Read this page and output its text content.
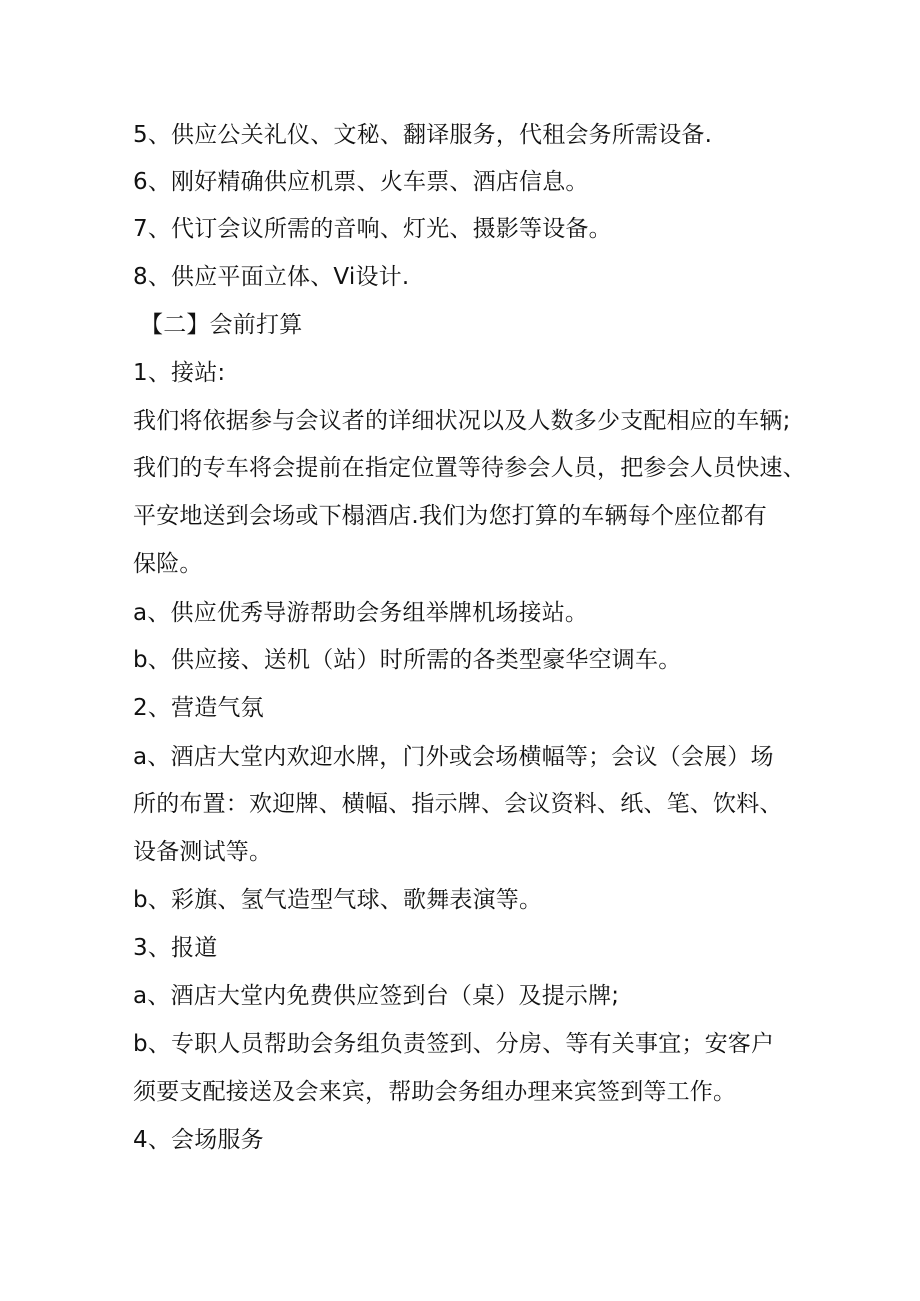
5、供应公关礼仪、文秘、翻译服务，代租会务所需设备.
6、刚好精确供应机票、火车票、酒店信息。
7、代订会议所需的音响、灯光、摄影等设备。
8、供应平面立体、Vi设计.
【二】会前打算
1、接站:
我们将依据参与会议者的详细状况以及人数多少支配相应的车辆;
我们的专车将会提前在指定位置等待参会人员，把参会人员快速、
平安地送到会场或下榻酒店.我们为您打算的车辆每个座位都有
保险。
a、供应优秀导游帮助会务组举牌机场接站。
b、供应接、送机（站）时所需的各类型豪华空调车。
2、营造气氛
a、酒店大堂内欢迎水牌，门外或会场横幅等；会议（会展）场
所的布置：欢迎牌、横幅、指示牌、会议资料、纸、笔、饮料、
设备测试等。
b、彩旗、氢气造型气球、歌舞表演等。
3、报道
a、酒店大堂内免费供应签到台（桌）及提示牌;
b、专职人员帮助会务组负责签到、分房、等有关事宜；安客户
须要支配接送及会来宾，帮助会务组办理来宾签到等工作。
4、会场服务
